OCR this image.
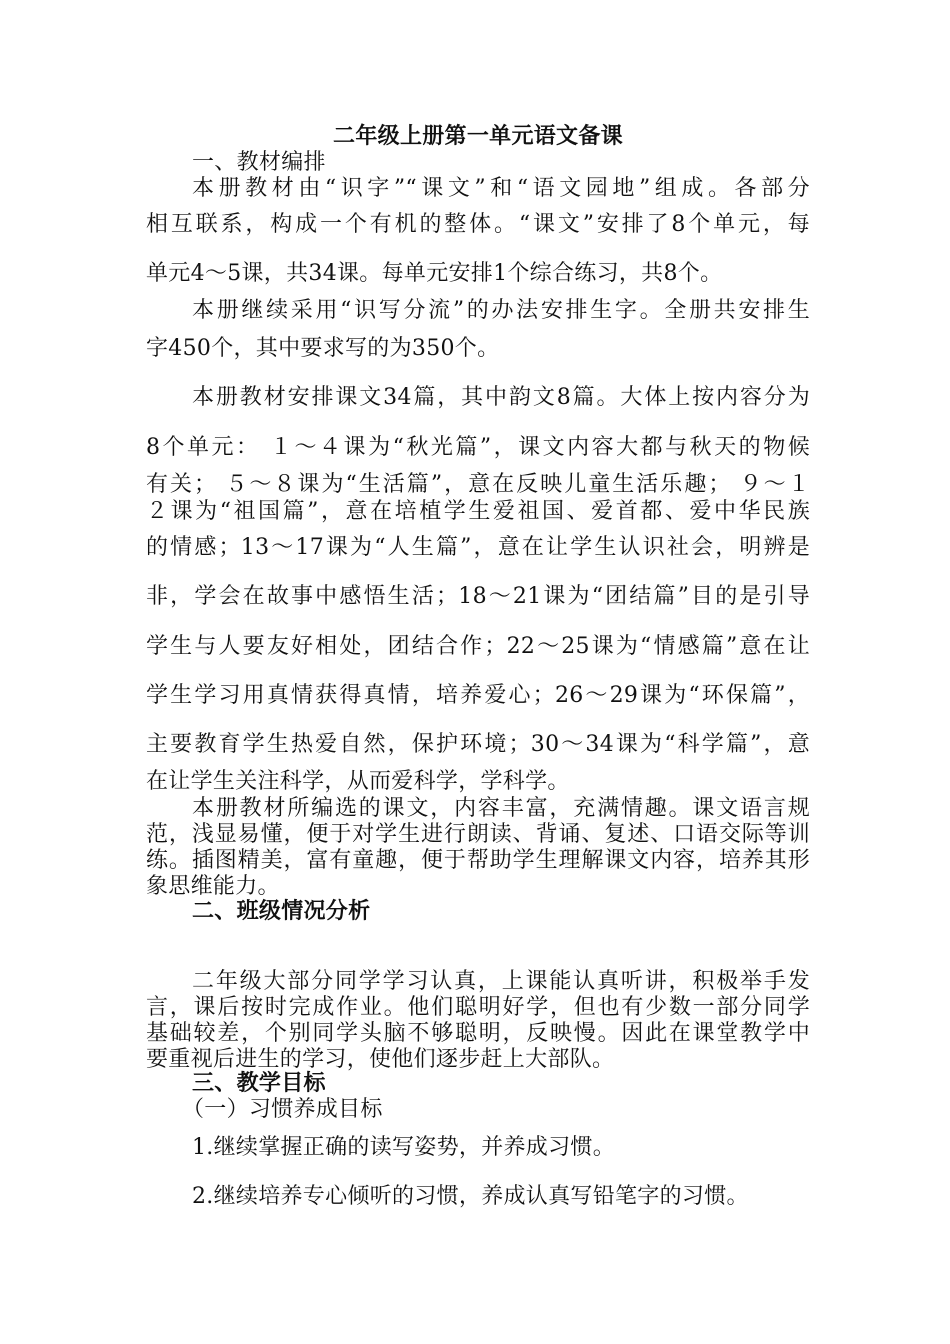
二年级上册第一单元语文备课
一、教材编排
本册教材由“识字”“课文”和“语文园地”组成。各部分
相互联系，构成一个有机的整体。“课文”安排了8个单元，每
单元4～5课，共34课。每单元安排1个综合练习，共8个。
本册继续采用“识写分流”的办法安排生字。全册共安排生
字450个，其中要求写的为350个。
本册教材安排课文34篇，其中韵文8篇。大体上按内容分为
8个单元： １～４课为“秋光篇”，课文内容大都与秋天的物候
有关； ５～８课为“生活篇”，意在反映儿童生活乐趣； ９～１
２课为“祖国篇”，意在培植学生爱祖国、爱首都、爱中华民族
的情感；13～17课为“人生篇”，意在让学生认识社会，明辨是
非，学会在故事中感悟生活；18～21课为“团结篇”目的是引导
学生与人要友好相处，团结合作；22～25课为“情感篇”意在让
学生学习用真情获得真情，培养爱心；26～29课为“环保篇”，
主要教育学生热爱自然，保护环境；30～34课为“科学篇”，意
在让学生关注科学，从而爱科学，学科学。
本册教材所编选的课文，内容丰富，充满情趣。课文语言规
范，浅显易懂，便于对学生进行朗读、背诵、复述、口语交际等训
练。插图精美，富有童趣，便于帮助学生理解课文内容，培养其形
象思维能力。
二、班级情况分析
二年级大部分同学学习认真，上课能认真听讲，积极举手发
言，课后按时完成作业。他们聪明好学，但也有少数一部分同学
基础较差，个别同学头脑不够聪明，反映慢。因此在课堂教学中
要重视后进生的学习，使他们逐步赶上大部队。
三、教学目标
（一）习惯养成目标
1.继续掌握正确的读写姿势，并养成习惯。
2.继续培养专心倾听的习惯，养成认真写铅笔字的习惯。
